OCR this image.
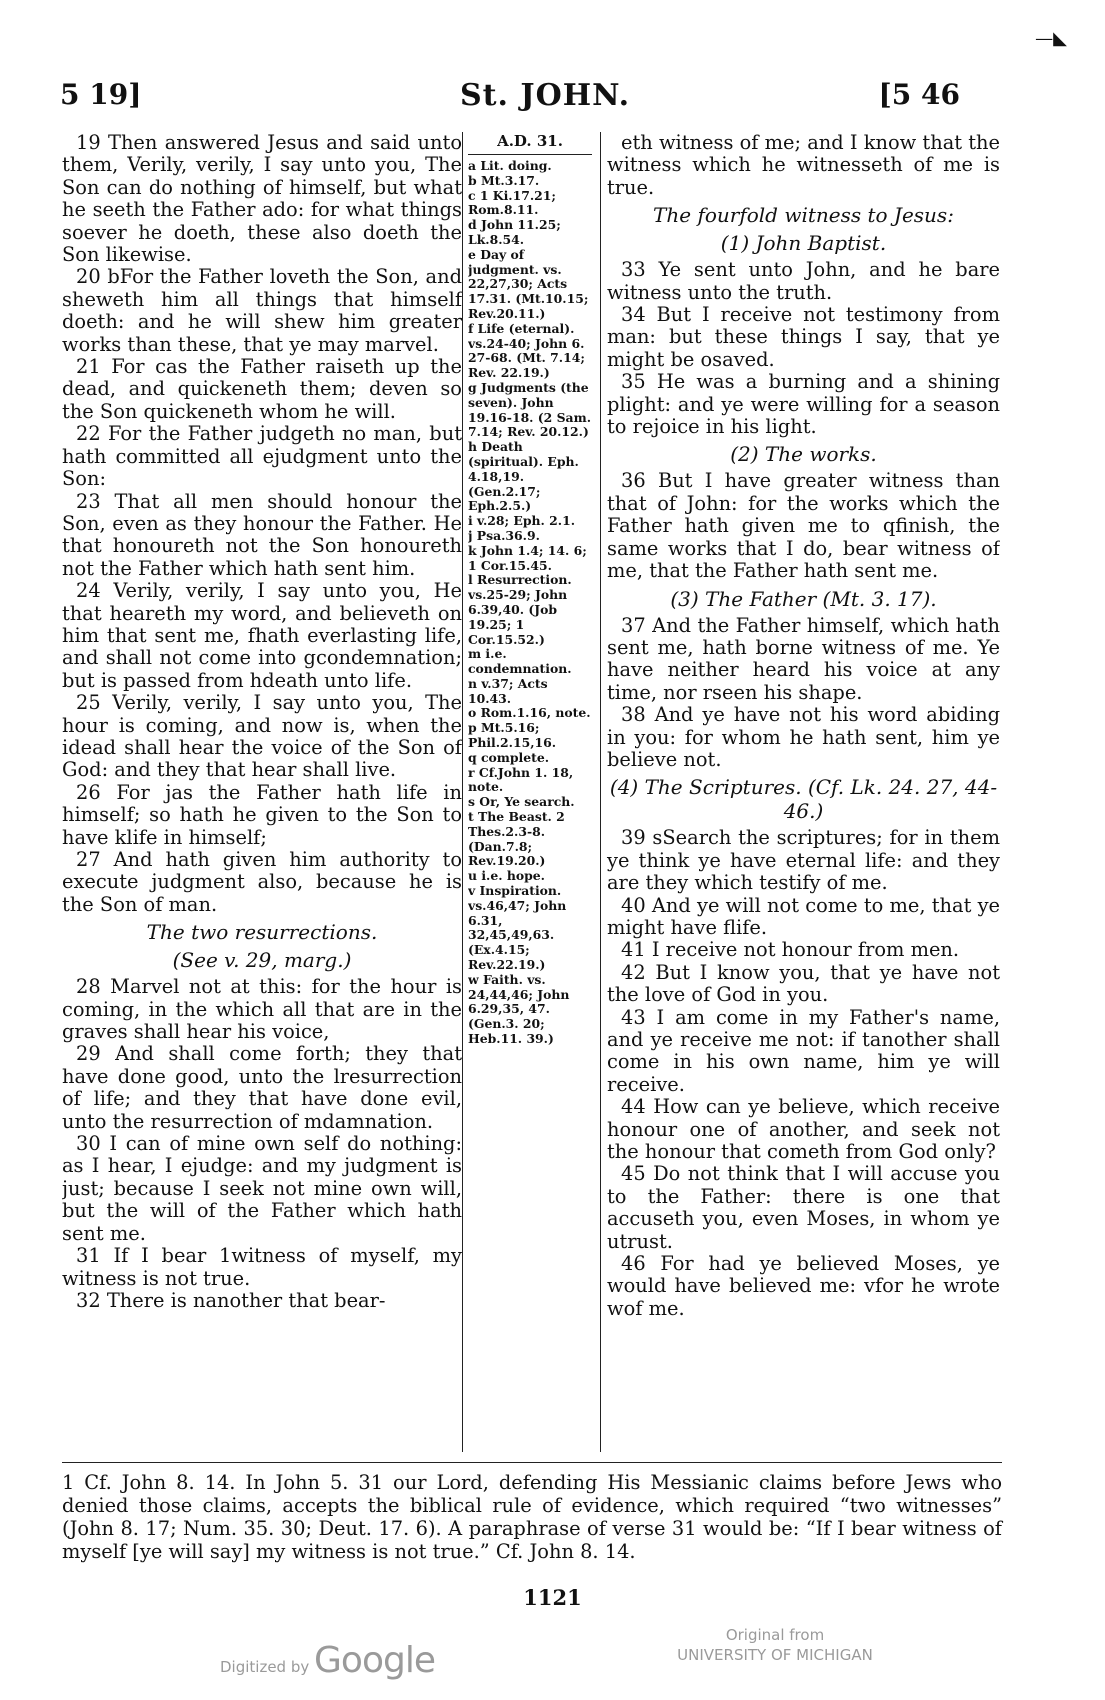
5 19]	St. JOHN.	[5 46
—◣

19 Then answered Jesus and said unto them, Verily, verily, I say unto you, The Son can do nothing of himself, but what he seeth the Father ado: for what things soever he doeth, these also doeth the Son likewise.

20 bFor the Father loveth the Son, and sheweth him all things that himself doeth: and he will shew him greater works than these, that ye may marvel.

21 For cas the Father raiseth up the dead, and quickeneth them; deven so the Son quickeneth whom he will.

22 For the Father judgeth no man, but hath committed all ejudgment unto the Son:

23 That all men should honour the Son, even as they honour the Father. He that honoureth not the Son honoureth not the Father which hath sent him.

24 Verily, verily, I say unto you, He that heareth my word, and believeth on him that sent me, fhath everlasting life, and shall not come into gcondemnation; but is passed from hdeath unto life.

25 Verily, verily, I say unto you, The hour is coming, and now is, when the idead shall hear the voice of the Son of God: and they that hear shall live.

26 For jas the Father hath life in himself; so hath he given to the Son to have klife in himself;

27 And hath given him authority to execute judgment also, because he is the Son of man.

The two resurrections.
(See v. 29, marg.)

28 Marvel not at this: for the hour is coming, in the which all that are in the graves shall hear his voice,

29 And shall come forth; they that have done good, unto the lresurrection of life; and they that have done evil, unto the resurrection of mdamnation.

30 I can of mine own self do nothing: as I hear, I ejudge: and my judgment is just; because I seek not mine own will, but the will of the Father which hath sent me.

31 If I bear 1witness of myself, my witness is not true.

32 There is nanother that bear-

A.D. 31.

a Lit. doing.

b Mt.3.17.

c 1 Ki.17.21; Rom.8.11.

d John 11.25; Lk.8.54.

e Day of judgment. vs. 22,27,30; Acts 17.31. (Mt.10.15; Rev.20.11.)

f Life (eternal). vs.24-40; John 6. 27-68. (Mt. 7.14; Rev. 22.19.)

g Judgments (the seven). John 19.16-18. (2 Sam. 7.14; Rev. 20.12.)

h Death (spiritual). Eph. 4.18,19. (Gen.2.17; Eph.2.5.)

i v.28; Eph. 2.1.

j Psa.36.9.

k John 1.4; 14. 6; 1 Cor.15.45.

l Resurrection. vs.25-29; John 6.39,40. (Job 19.25; 1 Cor.15.52.)

m i.e. condemnation.

n v.37; Acts 10.43.

o Rom.1.16, note.

p Mt.5.16; Phil.2.15,16.

q complete.

r Cf.John 1. 18, note.

s Or, Ye search.

t The Beast. 2 Thes.2.3-8. (Dan.7.8; Rev.19.20.)

u i.e. hope.

v Inspiration. vs.46,47; John 6.31, 32,45,49,63. (Ex.4.15; Rev.22.19.)

w Faith. vs. 24,44,46; John 6.29,35, 47. (Gen.3. 20; Heb.11. 39.)

eth witness of me; and I know that the witness which he witnesseth of me is true.

The fourfold witness to Jesus:
(1) John Baptist.

33 Ye sent unto John, and he bare witness unto the truth.

34 But I receive not testimony from man: but these things I say, that ye might be osaved.

35 He was a burning and a shining plight: and ye were willing for a season to rejoice in his light.

(2) The works.

36 But I have greater witness than that of John: for the works which the Father hath given me to qfinish, the same works that I do, bear witness of me, that the Father hath sent me.

(3) The Father (Mt. 3. 17).

37 And the Father himself, which hath sent me, hath borne witness of me. Ye have neither heard his voice at any time, nor rseen his shape.

38 And ye have not his word abiding in you: for whom he hath sent, him ye believe not.

(4) The Scriptures. (Cf. Lk. 24. 27, 44-46.)

39 sSearch the scriptures; for in them ye think ye have eternal life: and they are they which testify of me.

40 And ye will not come to me, that ye might have flife.

41 I receive not honour from men.

42 But I know you, that ye have not the love of God in you.

43 I am come in my Father's name, and ye receive me not: if tanother shall come in his own name, him ye will receive.

44 How can ye believe, which receive honour one of another, and seek not the honour that cometh from God only?

45 Do not think that I will accuse you to the Father: there is one that accuseth you, even Moses, in whom ye utrust.

46 For had ye believed Moses, ye would have believed me: vfor he wrote wof me.

1 Cf. John 8. 14. In John 5. 31 our Lord, defending His Messianic claims before Jews who denied those claims, accepts the biblical rule of evidence, which required “two witnesses” (John 8. 17; Num. 35. 30; Deut. 17. 6). A paraphrase of verse 31 would be: “If I bear witness of myself [ye will say] my witness is not true.” Cf. John 8. 14.
1121
Digitized by Google
Original from
UNIVERSITY OF MICHIGAN
